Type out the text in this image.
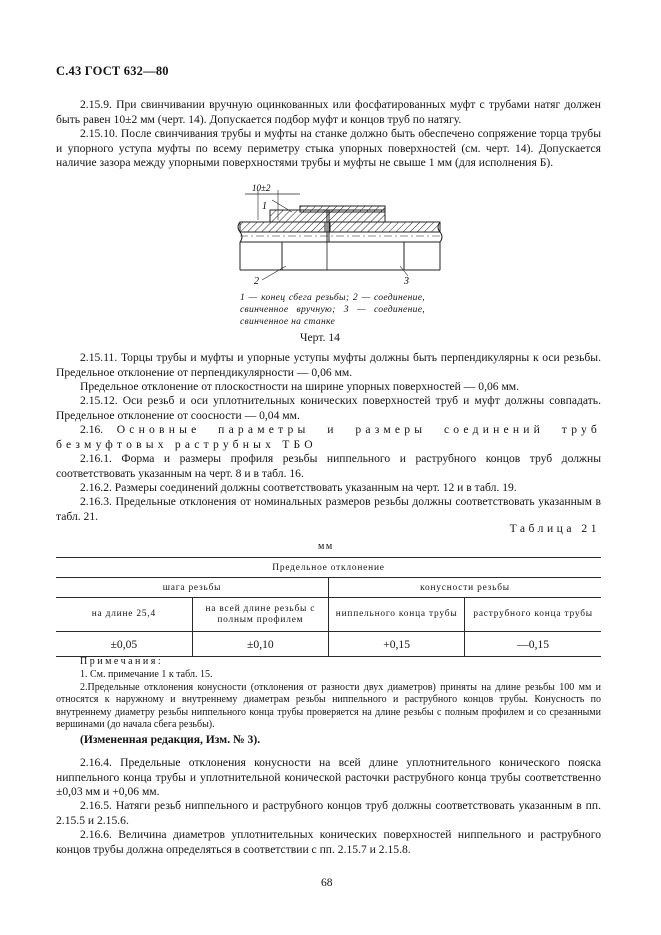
С.43 ГОСТ 632—80
2.15.9. При свинчивании вручную оцинкованных или фосфатированных муфт с трубами натяг должен быть равен 10±2 мм (черт. 14). Допускается подбор муфт и концов труб по натягу.
2.15.10. После свинчивания трубы и муфты на станке должно быть обеспечено сопряжение торца трубы и упорного уступа муфты по всему периметру стыка упорных поверхностей (см. черт. 14). Допускается наличие зазора между упорными поверхностями трубы и муфты не свыше 1 мм (для исполнения Б).
10±2
1
2	3
1 — конец сбега резьбы; 2 — соединение, свинченное вручную; 3 — соединение, свинченное на станке
Черт. 14
2.15.11. Торцы трубы и муфты и упорные уступы муфты должны быть перпендикулярны к оси резьбы. Предельное отклонение от перпендикулярности — 0,06 мм.
Предельное отклонение от плоскостности на ширине упорных поверхностей — 0,06 мм.
2.15.12. Оси резьб и оси уплотнительных конических поверхностей труб и муфт должны совпадать. Предельное отклонение от соосности — 0,04 мм.
2.16. Основные параметры и размеры соединений труб безмуфтовых раструбных ТБО
2.16.1. Форма и размеры профиля резьбы ниппельного и раструбного концов труб должны соответствовать указанным на черт. 8 и в табл. 16.
2.16.2. Размеры соединений должны соответствовать указанным на черт. 12 и в табл. 19.
2.16.3. Предельные отклонения от номинальных размеров резьбы должны соответствовать указанным в табл. 21.
Таблица 21
мм
Предельное отклонение			
шага резьбы		конусности резьбы	
на длине 25,4	на всей длине резьбы с полным профилем	ниппельного конца трубы	раструбного конца трубы
±0,05	±0,10	+0,15	—0,15
Примечания:
1. См. примечание 1 к табл. 15.
2.Предельные отклонения конусности (отклонения от разности двух диаметров) приняты на длине резьбы 100 мм и относятся к наружному и внутреннему диаметрам резьбы ниппельного и раструбного концов трубы. Конусность по внутреннему диаметру резьбы ниппельного конца трубы проверяется на длине резьбы с полным профилем и со срезанными вершинами (до начала сбега резьбы).
(Измененная редакция, Изм. № 3).
2.16.4. Предельные отклонения конусности на всей длине уплотнительного конического пояска ниппельного конца трубы и уплотнительной конической расточки раструбного конца трубы соответственно ±0,03 мм и +0,06 мм.
2.16.5. Натяги резьб ниппельного и раструбного концов труб должны соответствовать указанным в пп. 2.15.5 и 2.15.6.
2.16.6. Величина диаметров уплотнительных конических поверхностей ниппельного и раструбного концов трубы должна определяться в соответствии с пп. 2.15.7 и 2.15.8.
68
